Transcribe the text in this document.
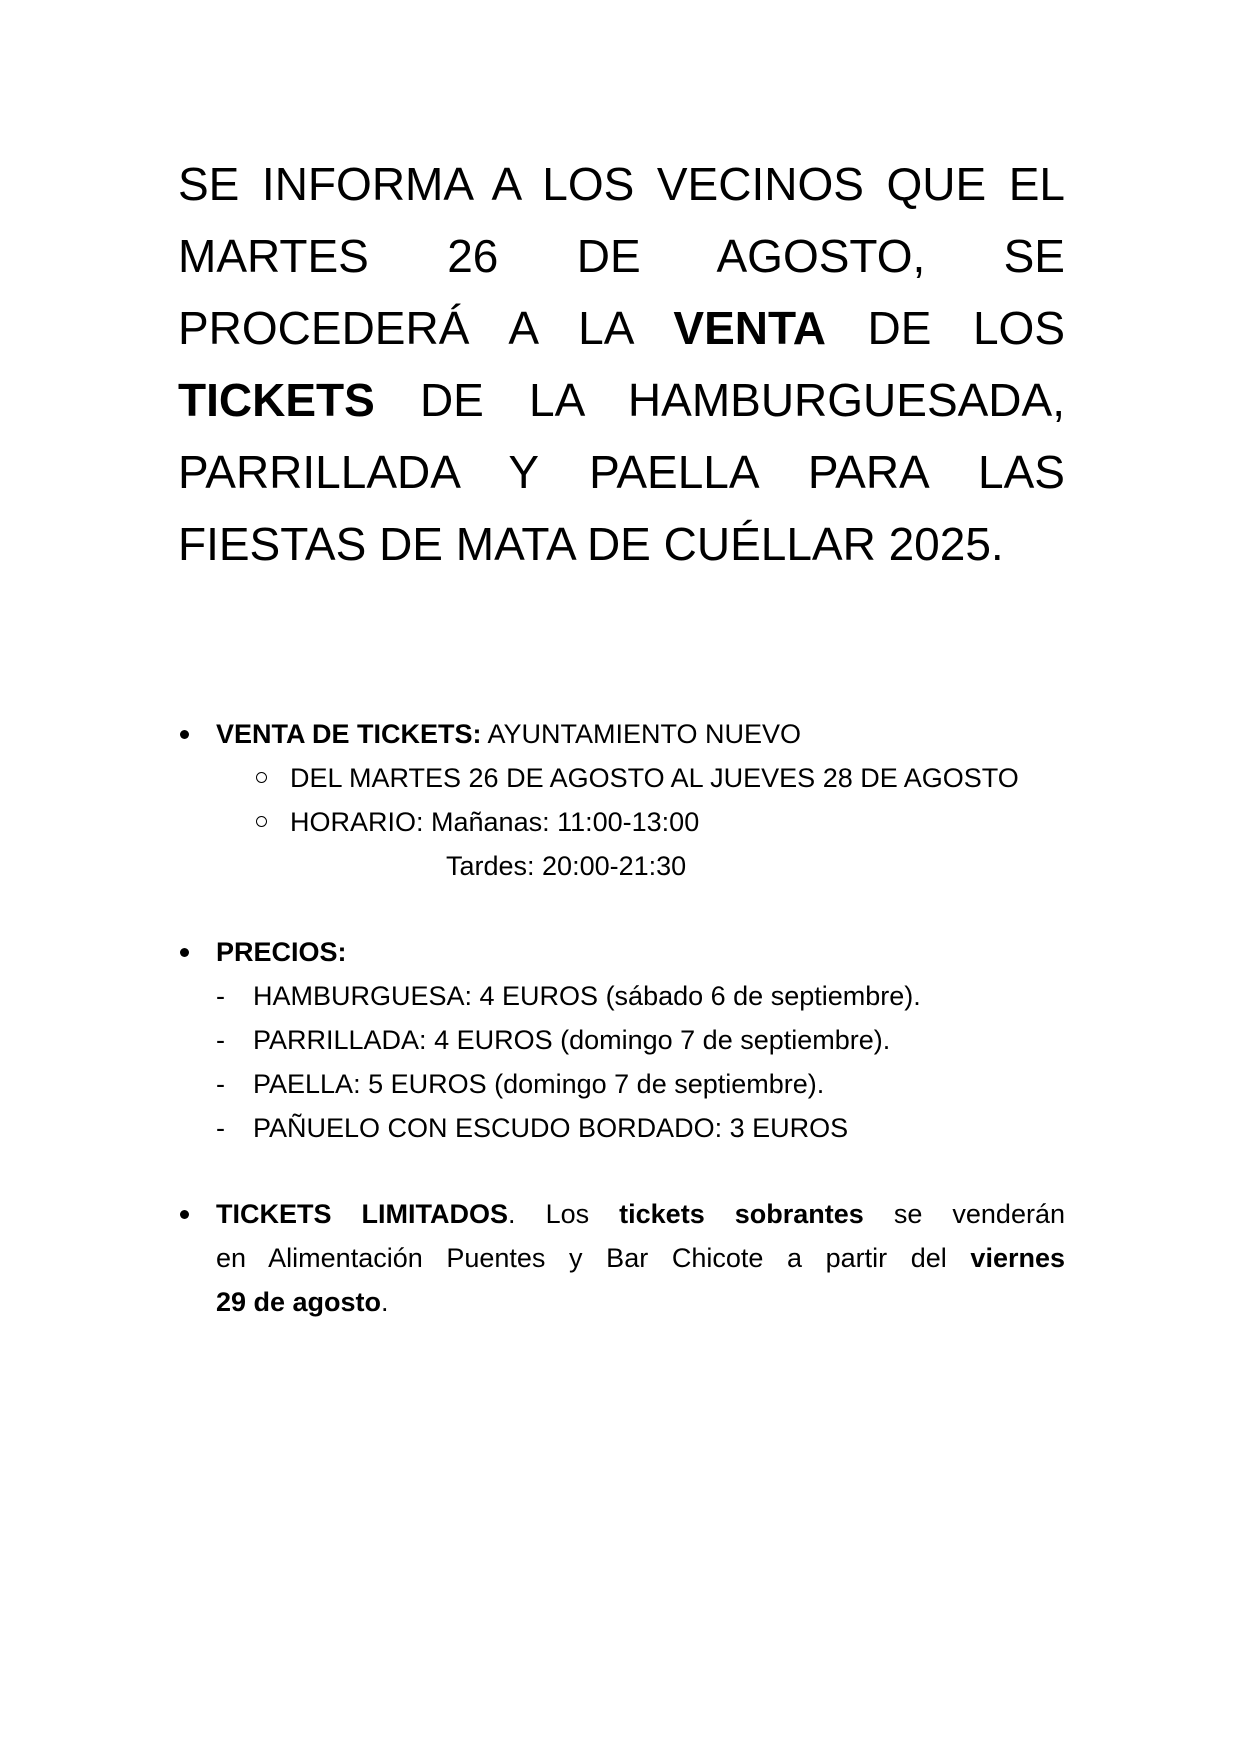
SE INFORMA A LOS VECINOS QUE EL
MARTES 26 DE AGOSTO, SE
PROCEDERÁ A LA VENTA DE LOS
TICKETS DE LA HAMBURGUESADA,
PARRILLADA Y PAELLA PARA LAS
FIESTAS DE MATA DE CUÉLLAR 2025.
VENTA DE TICKETS: AYUNTAMIENTO NUEVO
DEL MARTES 26 DE AGOSTO AL JUEVES 28 DE AGOSTO
HORARIO: Mañanas: 11:00-13:00
Tardes: 20:00-21:30
PRECIOS:
- HAMBURGUESA: 4 EUROS (sábado 6 de septiembre).
- PARRILLADA: 4 EUROS (domingo 7 de septiembre).
- PAELLA: 5 EUROS (domingo 7 de septiembre).
- PAÑUELO CON ESCUDO BORDADO: 3 EUROS
TICKETS LIMITADOS. Los tickets sobrantes se venderán
en Alimentación Puentes y Bar Chicote a partir del viernes
29 de agosto.
